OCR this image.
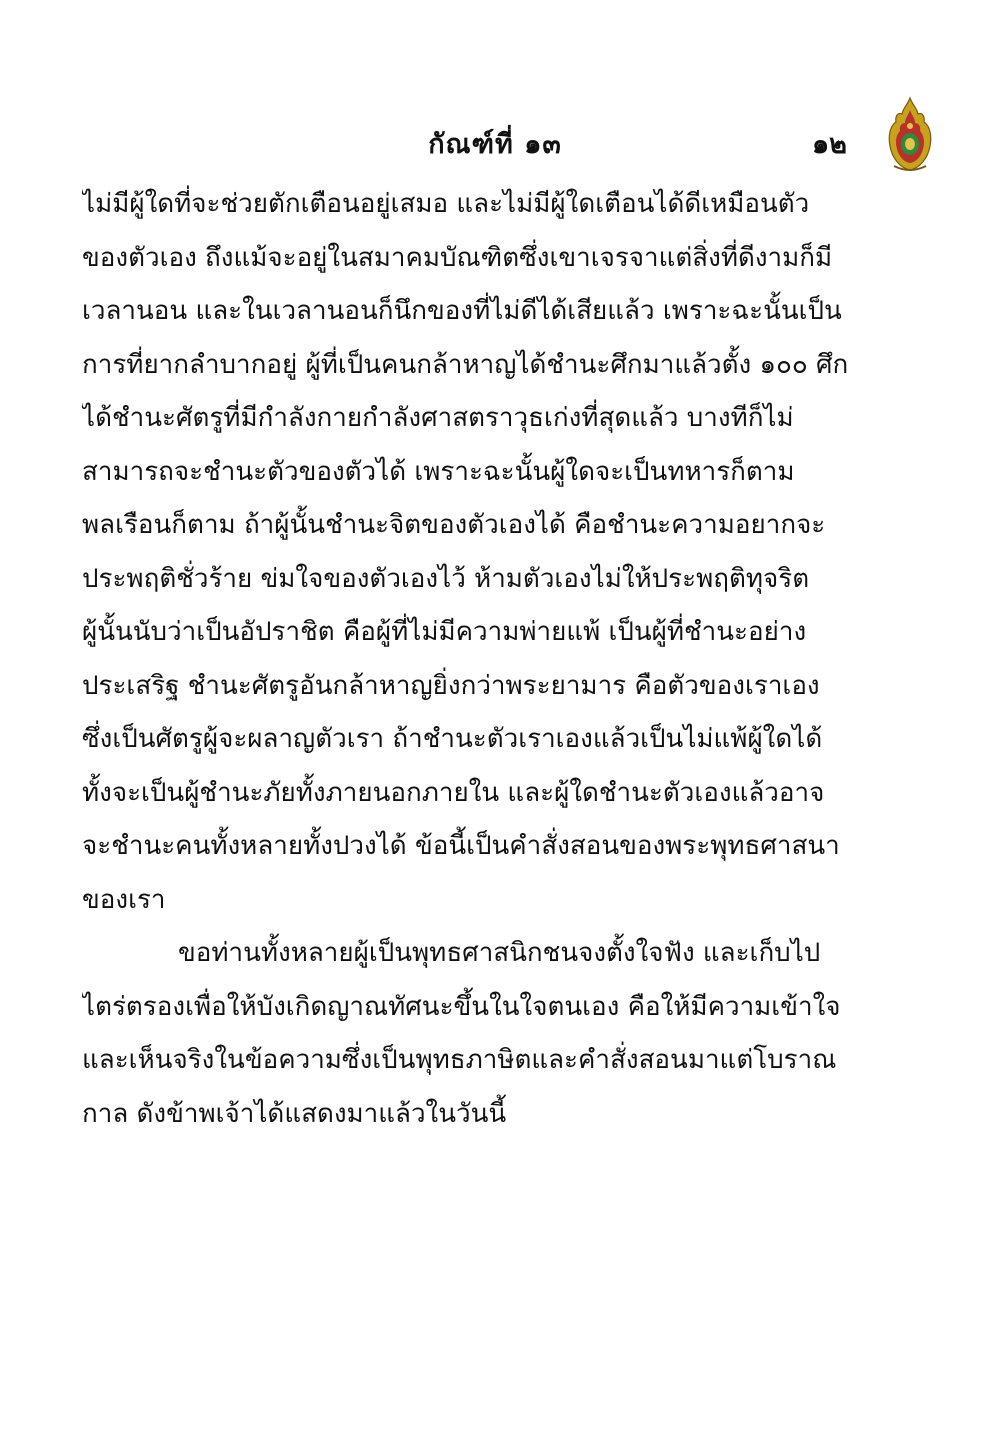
กัณฑ์ที่ ๑๓	๑๒
ไม่มีผู้ใดที่จะช่วยตักเตือนอยู่เสมอ และไม่มีผู้ใดเตือนได้ดีเหมือนตัว
ของตัวเอง ถึงแม้จะอยู่ในสมาคมบัณฑิตซึ่งเขาเจรจาแต่สิ่งที่ดีงามก็มี
เวลานอน และในเวลานอนก็นึกของที่ไม่ดีได้เสียแล้ว เพราะฉะนั้นเป็น
การที่ยากลำบากอยู่ ผู้ที่เป็นคนกล้าหาญได้ชำนะศึกมาแล้วตั้ง ๑๐๐ ศึก
ได้ชำนะศัตรูที่มีกำลังกายกำลังศาสตราวุธเก่งที่สุดแล้ว บางทีก็ไม่
สามารถจะชำนะตัวของตัวได้ เพราะฉะนั้นผู้ใดจะเป็นทหารก็ตาม
พลเรือนก็ตาม ถ้าผู้นั้นชำนะจิตของตัวเองได้ คือชำนะความอยากจะ
ประพฤติชั่วร้าย ข่มใจของตัวเองไว้ ห้ามตัวเองไม่ให้ประพฤติทุจริต
ผู้นั้นนับว่าเป็นอัปราชิต คือผู้ที่ไม่มีความพ่ายแพ้ เป็นผู้ที่ชำนะอย่าง
ประเสริฐ ชำนะศัตรูอันกล้าหาญยิ่งกว่าพระยามาร คือตัวของเราเอง
ซึ่งเป็นศัตรูผู้จะผลาญตัวเรา ถ้าชำนะตัวเราเองแล้วเป็นไม่แพ้ผู้ใดได้
ทั้งจะเป็นผู้ชำนะภัยทั้งภายนอกภายใน และผู้ใดชำนะตัวเองแล้วอาจ
จะชำนะคนทั้งหลายทั้งปวงได้ ข้อนี้เป็นคำสั่งสอนของพระพุทธศาสนา
ของเรา
ขอท่านทั้งหลายผู้เป็นพุทธศาสนิกชนจงตั้งใจฟัง และเก็บไป
ไตร่ตรองเพื่อให้บังเกิดญาณทัศนะขึ้นในใจตนเอง คือให้มีความเข้าใจ
และเห็นจริงในข้อความซึ่งเป็นพุทธภาษิตและคำสั่งสอนมาแต่โบราณ
กาล ดังข้าพเจ้าได้แสดงมาแล้วในวันนี้
